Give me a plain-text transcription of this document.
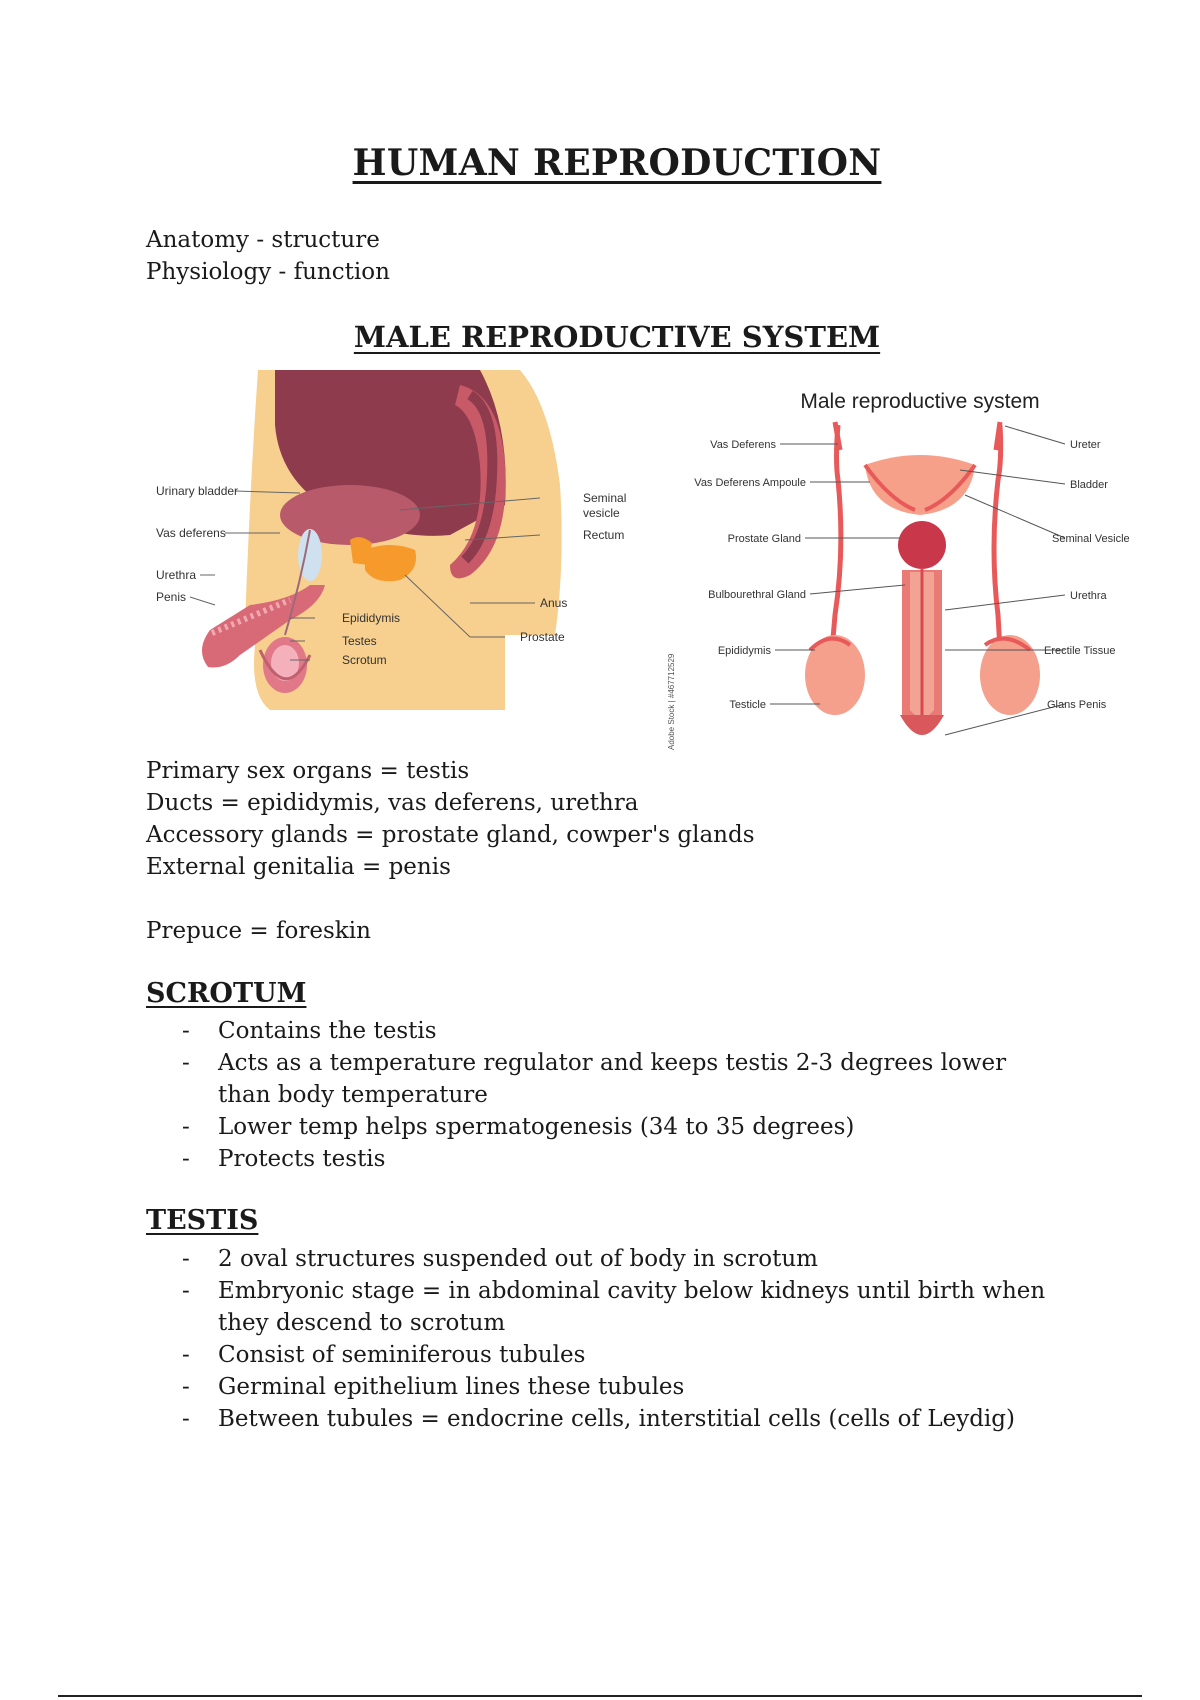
HUMAN REPRODUCTION
Anatomy - structure
Physiology - function
MALE REPRODUCTIVE SYSTEM
Urinary bladder
Vas deferens
Urethra
Penis
Epididymis
Testes
Scrotum
Seminal
vesicle
Rectum
Anus
Prostate
Male reproductive system
Vas Deferens
Vas Deferens Ampoule
Prostate Gland
Bulbourethral Gland
Epididymis
Testicle
Ureter
Bladder
Seminal Vesicle
Urethra
Erectile Tissue
Glans Penis
Adobe Stock | #467712529
Primary sex organs = testis
Ducts = epididymis, vas deferens, urethra
Accessory glands = prostate gland, cowper's glands
External genitalia = penis
Prepuce = foreskin
SCROTUM
- Contains the testis
- Acts as a temperature regulator and keeps testis 2-3 degrees lower than body temperature
- Lower temp helps spermatogenesis (34 to 35 degrees)
- Protects testis
TESTIS
- 2 oval structures suspended out of body in scrotum
- Embryonic stage = in abdominal cavity below kidneys until birth when they descend to scrotum
- Consist of seminiferous tubules
- Germinal epithelium lines these tubules
- Between tubules = endocrine cells, interstitial cells (cells of Leydig)
